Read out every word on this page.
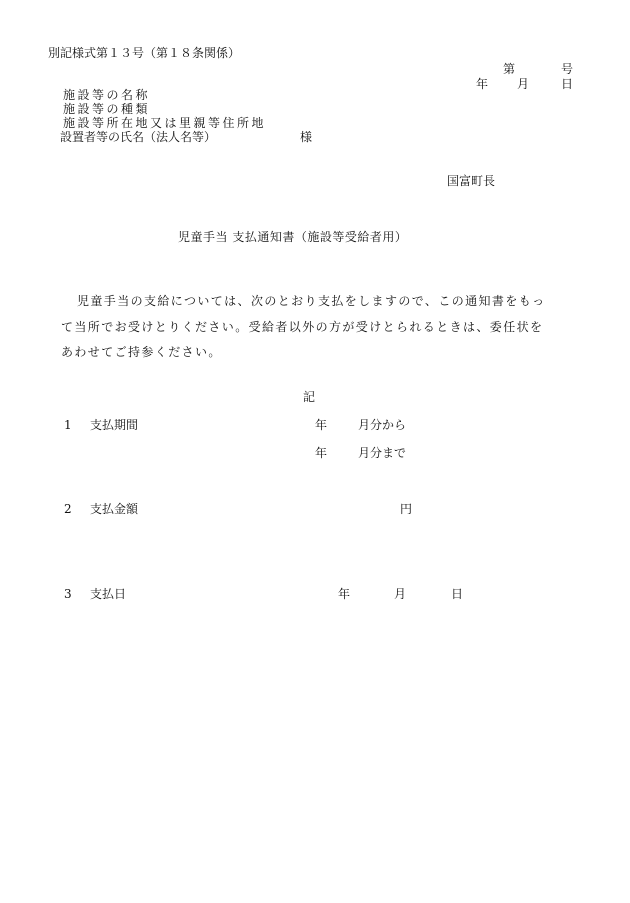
別記様式第１３号（第１８条関係）
第	号
年 月	日
施設等の名称
施設等の種類
施設等所在地又は里親等住所地
設置者等の氏名（法人名等）	様
国富町長
児童手当 支払通知書（施設等受給者用）
児童手当の支給については、次のとおり支払をしますので、この通知書をもっ
て当所でお受けとりください。受給者以外の方が受けとられるときは、委任状を
あわせてご持参ください。
記
1 支払期間	年	月分から
年	月分まで
2 支払金額	円
3 支払日	年	月	日
